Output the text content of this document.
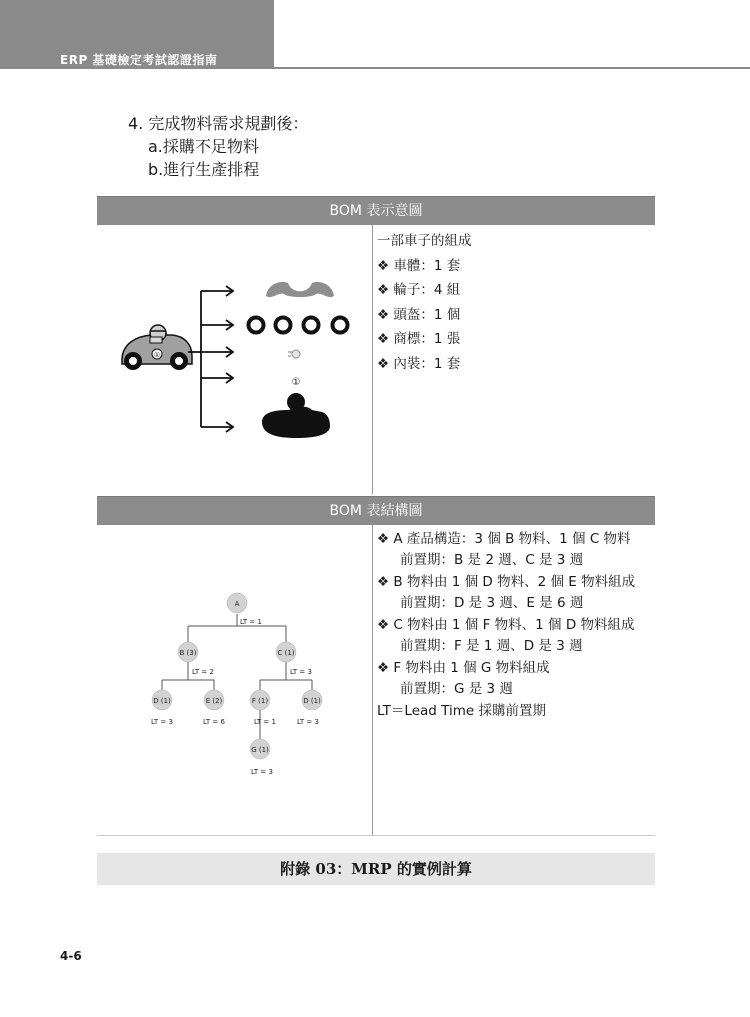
ERP 基礎檢定考試認證指南
4. 完成物料需求規劃後：
a.採購不足物料
b.進行生產排程
BOM 表示意圖
一部車子的組成
❖ 車體：1 套
❖ 輪子：4 組
❖ 頭盔：1 個
❖ 商標：1 張
❖ 內裝：1 套
BOM 表結構圖
❖ A 產品構造：3 個 B 物料、1 個 C 物料
前置期：B 是 2 週、C 是 3 週
❖ B 物料由 1 個 D 物料、2 個 E 物料組成
前置期：D 是 3 週、E 是 6 週
❖ C 物料由 1 個 F 物料、1 個 D 物料組成
前置期：F 是 1 週、D 是 3 週
❖ F 物料由 1 個 G 物料組成
前置期：G 是 3 週
LT＝Lead Time 採購前置期
①
①
A
LT = 1
B (3)
LT = 2
C (1)
LT = 3
D (1)
LT = 3
E (2)
LT = 6
F (1)
LT = 1
D (1)
LT = 3
G (1)
LT = 3
附錄 03：MRP 的實例計算
4-6
